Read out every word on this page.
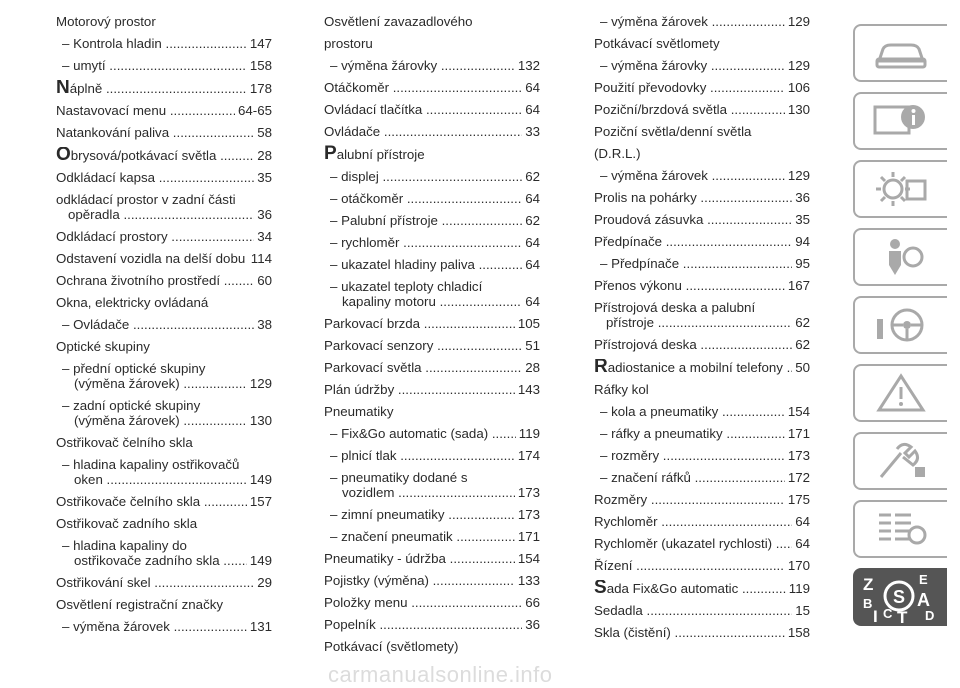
Motorový prostor
– Kontrola hladin .....	147
– umytí .....	158
Náplně .....	178
Nastavovací menu .....	64-65
Natankování paliva .....	58
Obrysová/potkávací světla .....	28
Odkládací kapsa .....	35
odkládací prostor v zadní části
opěradla .....	36
Odkládací prostory .....	34
Odstavení vozidla na delší dobu ..... 114
Ochrana životního prostředí .....	60
Okna, elektricky ovládaná
– Ovládače .....	38
Optické skupiny
– přední optické skupiny
(výměna žárovek) .....	129
– zadní optické skupiny
(výměna žárovek) .....	130
Ostřikovač čelního skla
– hladina kapaliny ostřikovačů
oken .....	149
Ostřikovače čelního skla .....	157
Ostřikovač zadního skla
– hladina kapaliny do
ostřikovače zadního skla .....	149
Ostřikování skel .....	29
Osvětlení registrační značky
– výměna žárovek .....	131
Osvětlení zavazadlového
prostoru
– výměna žárovky .....	132
Otáčkoměr .....	64
Ovládací tlačítka .....	64
Ovládače .....	33
Palubní přístroje
– displej .....	62
– otáčkoměr .....	64
– Palubní přístroje .....	62
– rychloměr .....	64
– ukazatel hladiny paliva .....	64
– ukazatel teploty chladicí
kapaliny motoru .....	64
Parkovací brzda .....	105
Parkovací senzory .....	51
Parkovací světla .....	28
Plán údržby .....	143
Pneumatiky
– Fix&Go automatic (sada) .....	119
– plnicí tlak .....	174
– pneumatiky dodané s
vozidlem .....	173
– zimní pneumatiky .....	173
– značení pneumatik .....	171
Pneumatiky - údržba .....	154
Pojistky (výměna) .....	133
Položky menu .....	66
Popelník .....	36
Potkávací (světlomety)
– výměna žárovek .....	129
Potkávací světlomety
– výměna žárovky .....	129
Použití převodovky .....	106
Poziční/brzdová světla .....	130
Poziční světla/denní světla
(D.R.L.)
– výměna žárovek .....	129
Prolis na pohárky .....	36
Proudová zásuvka .....	35
Předpínače .....	94
– Předpínače .....	95
Přenos výkonu .....	167
Přístrojová deska a palubní
přístroje .....	62
Přístrojová deska .....	62
Radiostanice a mobilní telefony ..... 50
Ráfky kol
– kola a pneumatiky .....	154
– ráfky a pneumatiky .....	171
– rozměry .....	173
– značení ráfků .....	172
Rozměry .....	175
Rychloměr .....	64
Rychloměr (ukazatel rychlosti) .....	64
Řízení .....	170
Sada Fix&Go automatic .....	119
Sedadla .....	15
Skla (čistění) .....	158
Z	E
S A
B
C	D
I T
carmanualsonline.info
